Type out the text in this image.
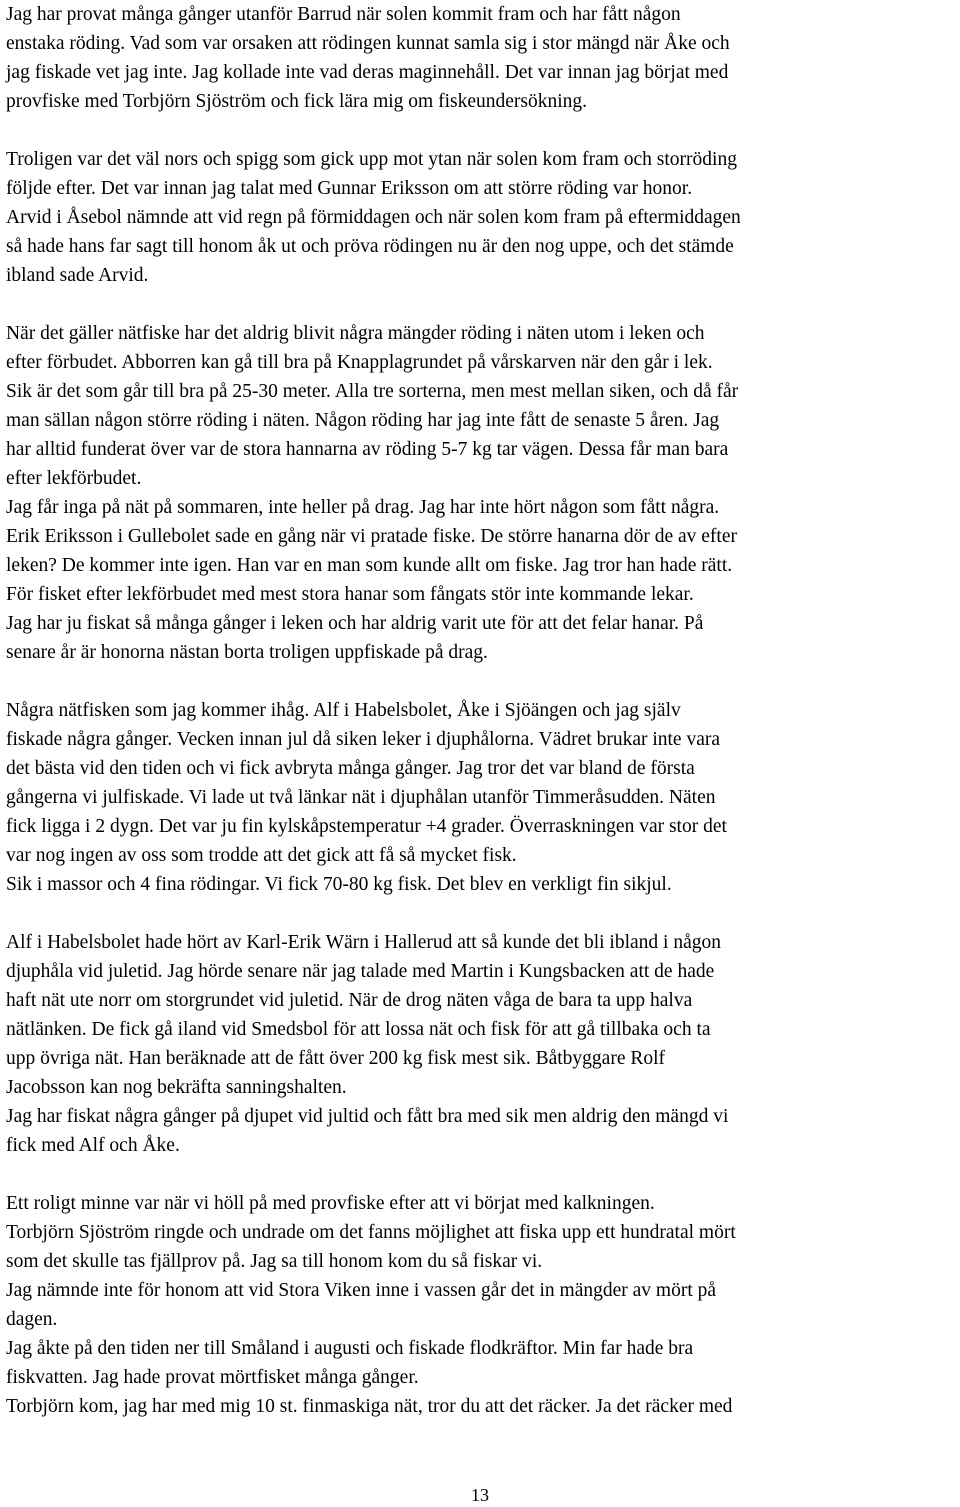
Jag har provat många gånger utanför Barrud när solen kommit fram och har fått någon
enstaka röding. Vad som var orsaken att rödingen kunnat samla sig i stor mängd när Åke och
jag fiskade vet jag inte. Jag kollade inte vad deras maginnehåll. Det var innan jag börjat med
provfiske med Torbjörn Sjöström och fick lära mig om fiskeundersökning.

Troligen var det väl nors och spigg som gick upp mot ytan när solen kom fram och storröding
följde efter. Det var innan jag talat med Gunnar Eriksson om att större röding var honor.
Arvid i Åsebol nämnde att vid regn på förmiddagen och när solen kom fram på eftermiddagen
så hade hans far sagt till honom åk ut och pröva rödingen nu är den nog uppe, och det stämde
ibland sade Arvid.

När det gäller nätfiske har det aldrig blivit några mängder röding i näten utom i leken och
efter förbudet. Abborren kan gå till bra på Knapplagrundet på vårskarven när den går i lek.
Sik är det som går till bra på 25-30 meter. Alla tre sorterna, men mest mellan siken, och då får
man sällan någon större röding i näten. Någon röding har jag inte fått de senaste 5 åren. Jag
har alltid funderat över var de stora hannarna av röding 5-7 kg tar vägen. Dessa får man bara
efter lekförbudet.
Jag får inga på nät på sommaren, inte heller på drag. Jag har inte hört någon som fått några.
Erik Eriksson i Gullebolet sade en gång när vi pratade fiske. De större hanarna dör de av efter
leken? De kommer inte igen. Han var en man som kunde allt om fiske. Jag tror han hade rätt.
För fisket efter lekförbudet med mest stora hanar som fångats stör inte kommande lekar.
Jag har ju fiskat så många gånger i leken och har aldrig varit ute för att det felar hanar. På
senare år är honorna nästan borta troligen uppfiskade på drag.

Några nätfisken som jag kommer ihåg. Alf i Habelsbolet, Åke i Sjöängen och jag själv
fiskade några gånger. Vecken innan jul då siken leker i djuphålorna. Vädret brukar inte vara
det bästa vid den tiden och vi fick avbryta många gånger. Jag tror det var bland de första
gångerna vi julfiskade. Vi lade ut två länkar nät i djuphålan utanför Timmeråsudden. Näten
fick ligga i 2 dygn. Det var ju fin kylskåpstemperatur +4 grader. Överraskningen var stor det
var nog ingen av oss som trodde att det gick att få så mycket fisk.
Sik i massor och 4 fina rödingar. Vi fick 70-80 kg fisk. Det blev en verkligt fin sikjul.

Alf i Habelsbolet hade hört av Karl-Erik Wärn i Hallerud att så kunde det bli ibland i någon
djuphåla vid juletid. Jag hörde senare när jag talade med Martin i Kungsbacken att de hade
haft nät ute norr om storgrundet vid juletid. När de drog näten våga de bara ta upp halva
nätlänken. De fick gå iland vid Smedsbol för att lossa nät och fisk för att gå tillbaka och ta
upp övriga nät. Han beräknade att de fått över 200 kg fisk mest sik. Båtbyggare Rolf
Jacobsson kan nog bekräfta sanningshalten.
Jag har fiskat några gånger på djupet vid jultid och fått bra med sik men aldrig den mängd vi
fick med Alf och Åke.

Ett roligt minne var när vi höll på med provfiske efter att vi börjat med kalkningen.
Torbjörn Sjöström ringde och undrade om det fanns möjlighet att fiska upp ett hundratal mört
som det skulle tas fjällprov på. Jag sa till honom kom du så fiskar vi.
Jag nämnde inte för honom att vid Stora Viken inne i vassen går det in mängder av mört på
dagen.
Jag åkte på den tiden ner till Småland i augusti och fiskade flodkräftor. Min far hade bra
fiskvatten. Jag hade provat mörtfisket många gånger.
Torbjörn kom, jag har med mig 10 st. finmaskiga nät, tror du att det räcker. Ja det räcker med

13
